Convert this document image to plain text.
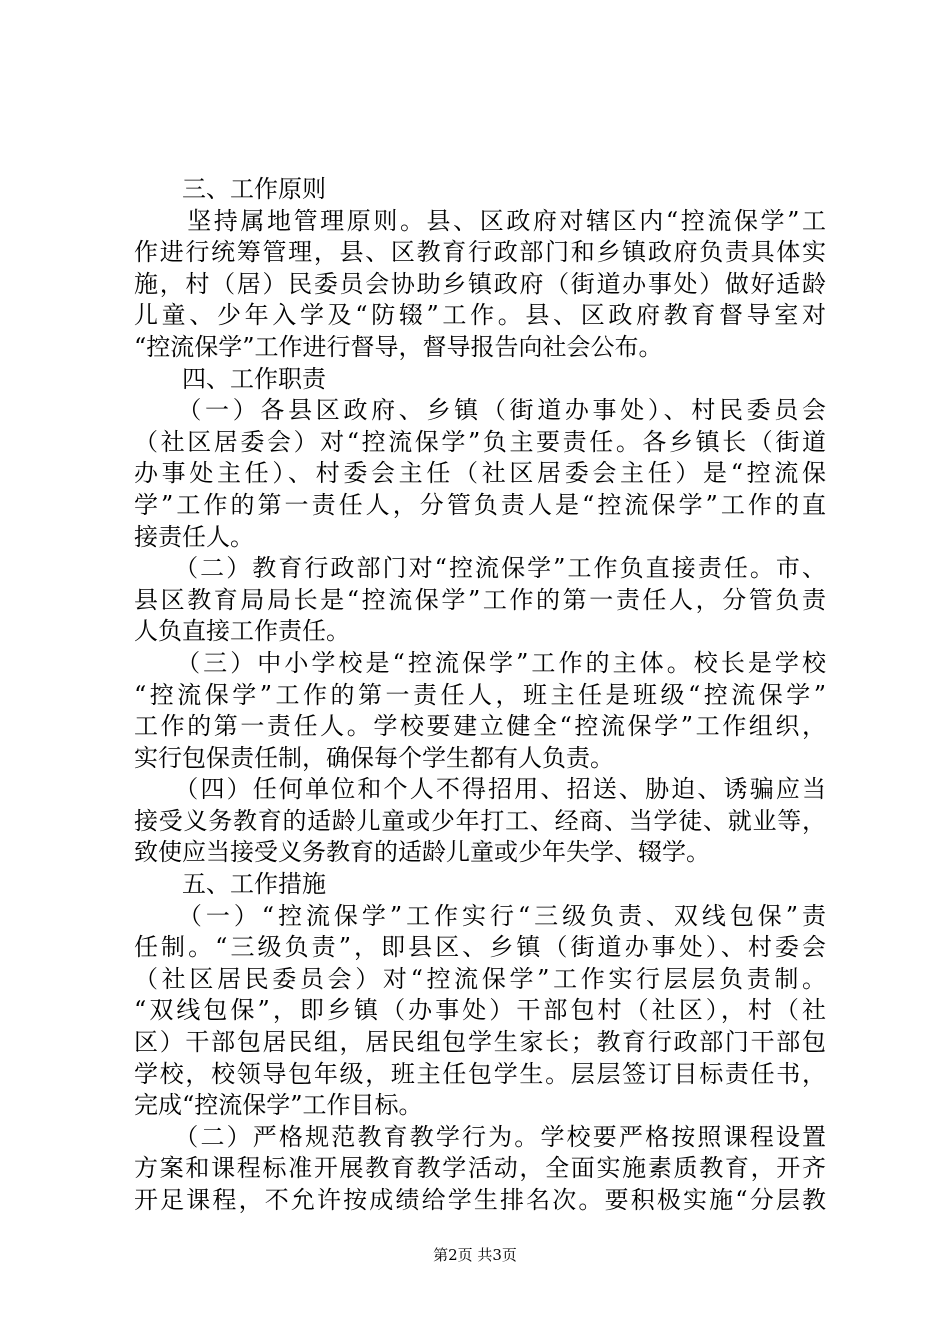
　　三、工作原则
　　坚持属地管理原则。县、区政府对辖区内“控流保学”工
作进行统筹管理，县、区教育行政部门和乡镇政府负责具体实
施，村（居）民委员会协助乡镇政府（街道办事处）做好适龄
儿童、少年入学及“防辍”工作。县、区政府教育督导室对
“控流保学”工作进行督导，督导报告向社会公布。
　　四、工作职责
　　（一）各县区政府、乡镇（街道办事处）、村民委员会
（社区居委会）对“控流保学”负主要责任。各乡镇长（街道
办事处主任）、村委会主任（社区居委会主任）是“控流保
学”工作的第一责任人，分管负责人是“控流保学”工作的直
接责任人。
　　（二）教育行政部门对“控流保学”工作负直接责任。市、
县区教育局局长是“控流保学”工作的第一责任人，分管负责
人负直接工作责任。
　　（三）中小学校是“控流保学”工作的主体。校长是学校
“控流保学”工作的第一责任人，班主任是班级“控流保学”
工作的第一责任人。学校要建立健全“控流保学”工作组织，
实行包保责任制，确保每个学生都有人负责。
　　（四）任何单位和个人不得招用、招送、胁迫、诱骗应当
接受义务教育的适龄儿童或少年打工、经商、当学徒、就业等，
致使应当接受义务教育的适龄儿童或少年失学、辍学。
　　五、工作措施
　　（一）“控流保学”工作实行“三级负责、双线包保”责
任制。“三级负责”，即县区、乡镇（街道办事处）、村委会
（社区居民委员会）对“控流保学”工作实行层层负责制。
“双线包保”，即乡镇（办事处）干部包村（社区），村（社
区）干部包居民组，居民组包学生家长；教育行政部门干部包
学校，校领导包年级，班主任包学生。层层签订目标责任书，
完成“控流保学”工作目标。
　　（二）严格规范教育教学行为。学校要严格按照课程设置
方案和课程标准开展教育教学活动，全面实施素质教育，开齐
开足课程，不允许按成绩给学生排名次。要积极实施“分层教
第2页 共3页
